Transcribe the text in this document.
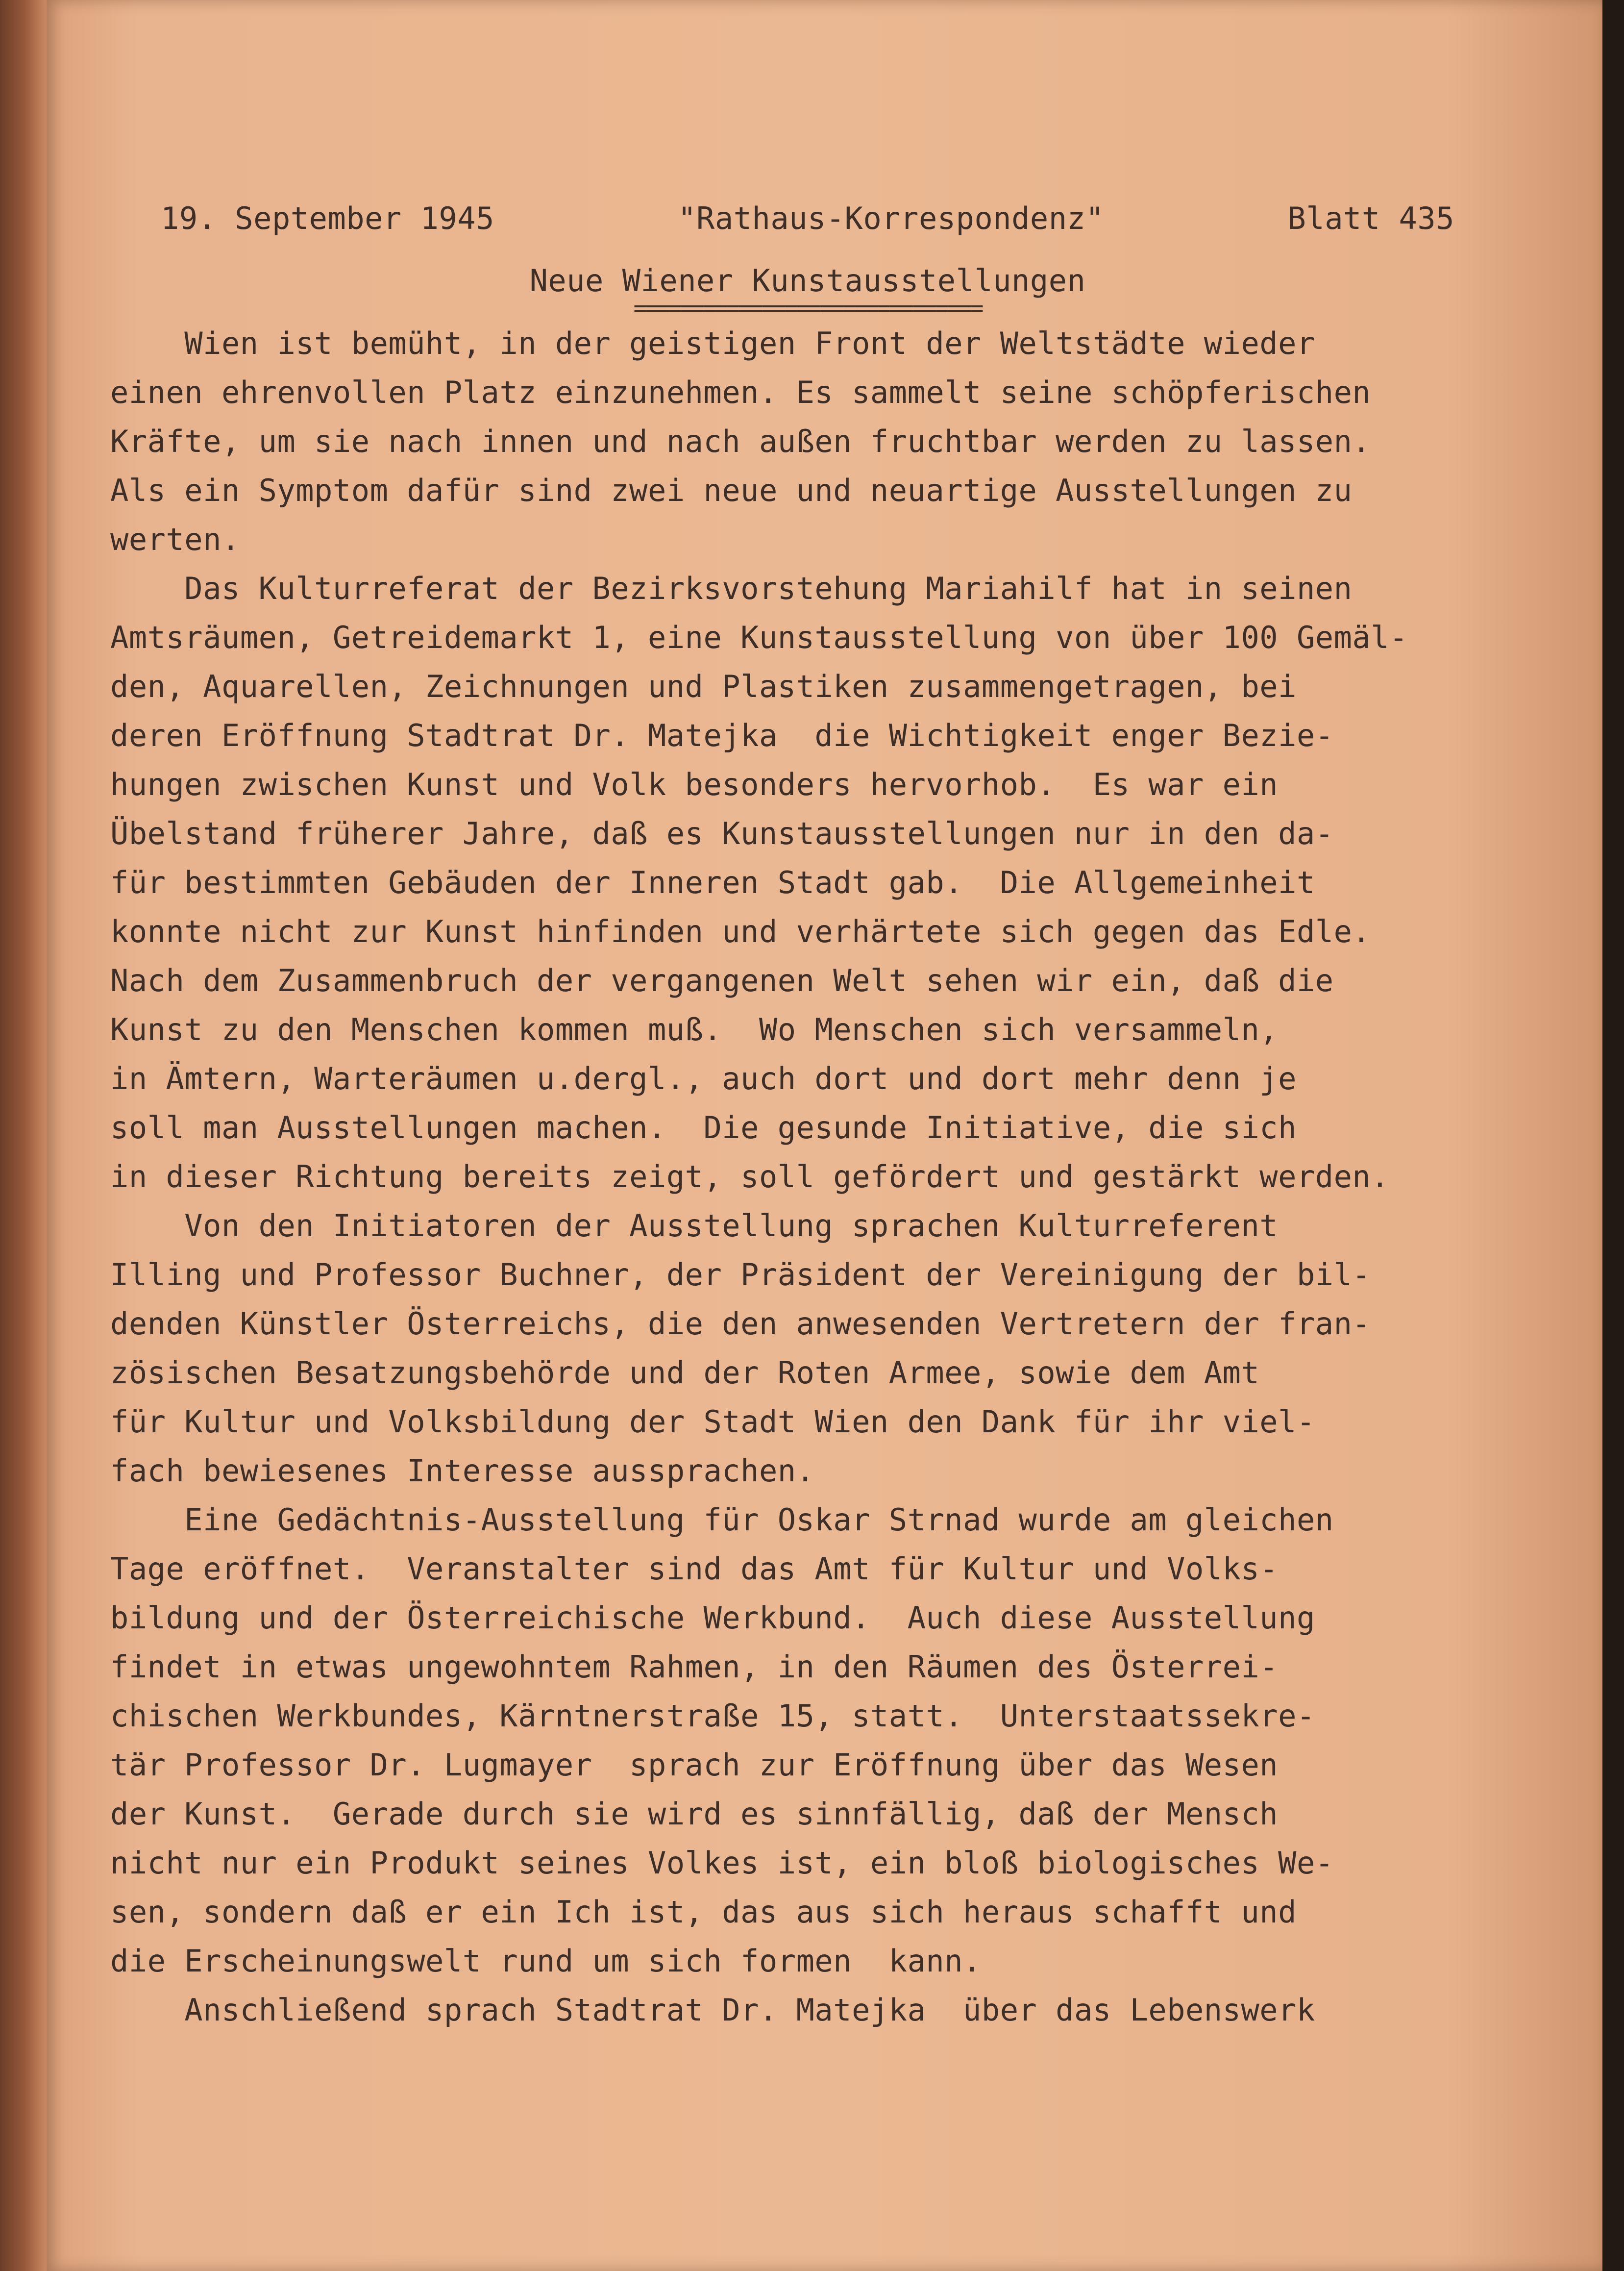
19. September 1945	"Rathaus-Korrespondenz"	Blatt 435
Neue Wiener Kunstausstellungen
==============================
Wien ist bemüht, in der geistigen Front der Weltstädte wieder
einen ehrenvollen Platz einzunehmen. Es sammelt seine schöpferischen
Kräfte, um sie nach innen und nach außen fruchtbar werden zu lassen.
Als ein Symptom dafür sind zwei neue und neuartige Ausstellungen zu
werten.
Das Kulturreferat der Bezirksvorstehung Mariahilf hat in seinen
Amtsräumen, Getreidemarkt 1, eine Kunstausstellung von über 100 Gemäl-
den, Aquarellen, Zeichnungen und Plastiken zusammengetragen, bei
deren Eröffnung Stadtrat Dr. Matejka  die Wichtigkeit enger Bezie-
hungen zwischen Kunst und Volk besonders hervorhob.  Es war ein
Übelstand früherer Jahre, daß es Kunstausstellungen nur in den da-
für bestimmten Gebäuden der Inneren Stadt gab.  Die Allgemeinheit
konnte nicht zur Kunst hinfinden und verhärtete sich gegen das Edle.
Nach dem Zusammenbruch der vergangenen Welt sehen wir ein, daß die
Kunst zu den Menschen kommen muß.  Wo Menschen sich versammeln,
in Ämtern, Warteräumen u.dergl., auch dort und dort mehr denn je
soll man Ausstellungen machen.  Die gesunde Initiative, die sich
in dieser Richtung bereits zeigt, soll gefördert und gestärkt werden.
Von den Initiatoren der Ausstellung sprachen Kulturreferent
Illing und Professor Buchner, der Präsident der Vereinigung der bil-
denden Künstler Österreichs, die den anwesenden Vertretern der fran-
zösischen Besatzungsbehörde und der Roten Armee, sowie dem Amt
für Kultur und Volksbildung der Stadt Wien den Dank für ihr viel-
fach bewiesenes Interesse aussprachen.
Eine Gedächtnis-Ausstellung für Oskar Strnad wurde am gleichen
Tage eröffnet.  Veranstalter sind das Amt für Kultur und Volks-
bildung und der Österreichische Werkbund.  Auch diese Ausstellung
findet in etwas ungewohntem Rahmen, in den Räumen des Österrei-
chischen Werkbundes, Kärntnerstraße 15, statt.  Unterstaatssekre-
tär Professor Dr. Lugmayer  sprach zur Eröffnung über das Wesen
der Kunst.  Gerade durch sie wird es sinnfällig, daß der Mensch
nicht nur ein Produkt seines Volkes ist, ein bloß biologisches We-
sen, sondern daß er ein Ich ist, das aus sich heraus schafft und
die Erscheinungswelt rund um sich formen  kann.
Anschließend sprach Stadtrat Dr. Matejka  über das Lebenswerk
